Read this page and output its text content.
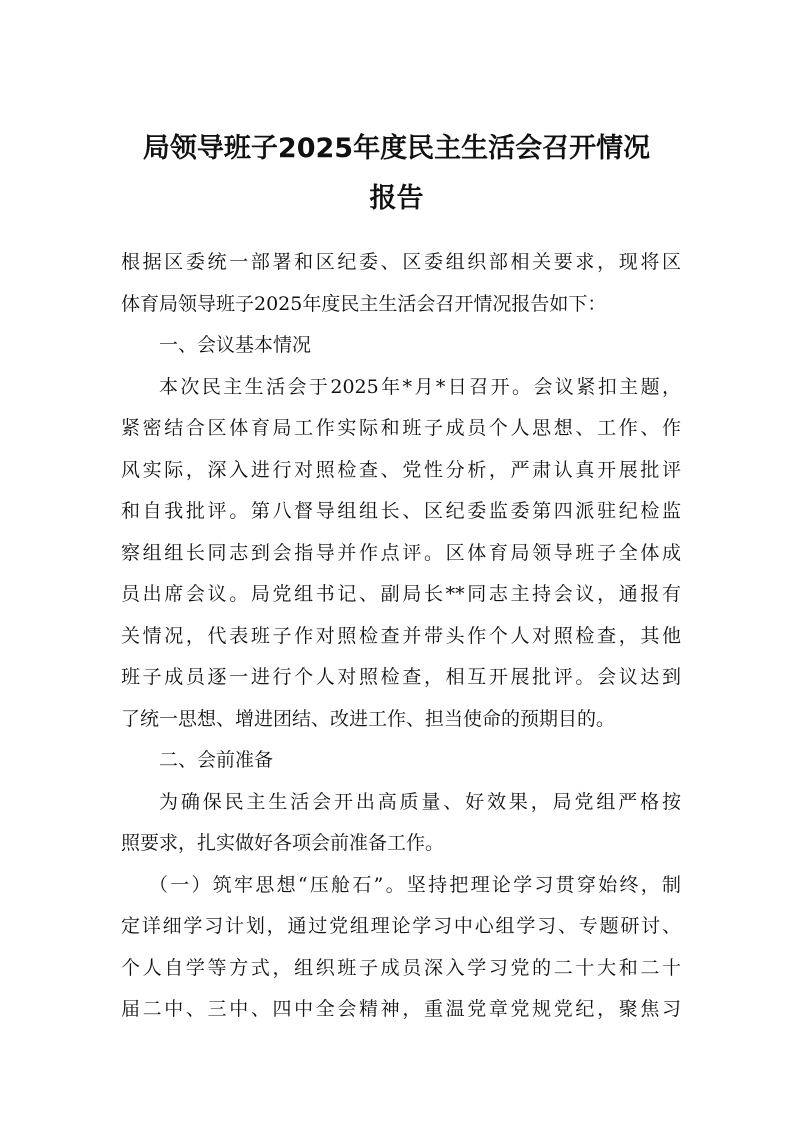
局领导班子2025年度民主生活会召开情况
报告
根据区委统一部署和区纪委、区委组织部相关要求，现将区
体育局领导班子2025年度民主生活会召开情况报告如下：
一、会议基本情况
本次民主生活会于2025年*月*日召开。会议紧扣主题，
紧密结合区体育局工作实际和班子成员个人思想、工作、作
风实际，深入进行对照检查、党性分析，严肃认真开展批评
和自我批评。第八督导组组长、区纪委监委第四派驻纪检监
察组组长同志到会指导并作点评。区体育局领导班子全体成
员出席会议。局党组书记、副局长**同志主持会议，通报有
关情况，代表班子作对照检查并带头作个人对照检查，其他
班子成员逐一进行个人对照检查，相互开展批评。会议达到
了统一思想、增进团结、改进工作、担当使命的预期目的。
二、会前准备
为确保民主生活会开出高质量、好效果，局党组严格按
照要求，扎实做好各项会前准备工作。
（一）筑牢思想“压舱石”。坚持把理论学习贯穿始终，制
定详细学习计划，通过党组理论学习中心组学习、专题研讨、
个人自学等方式，组织班子成员深入学习党的二十大和二十
届二中、三中、四中全会精神，重温党章党规党纪，聚焦习
